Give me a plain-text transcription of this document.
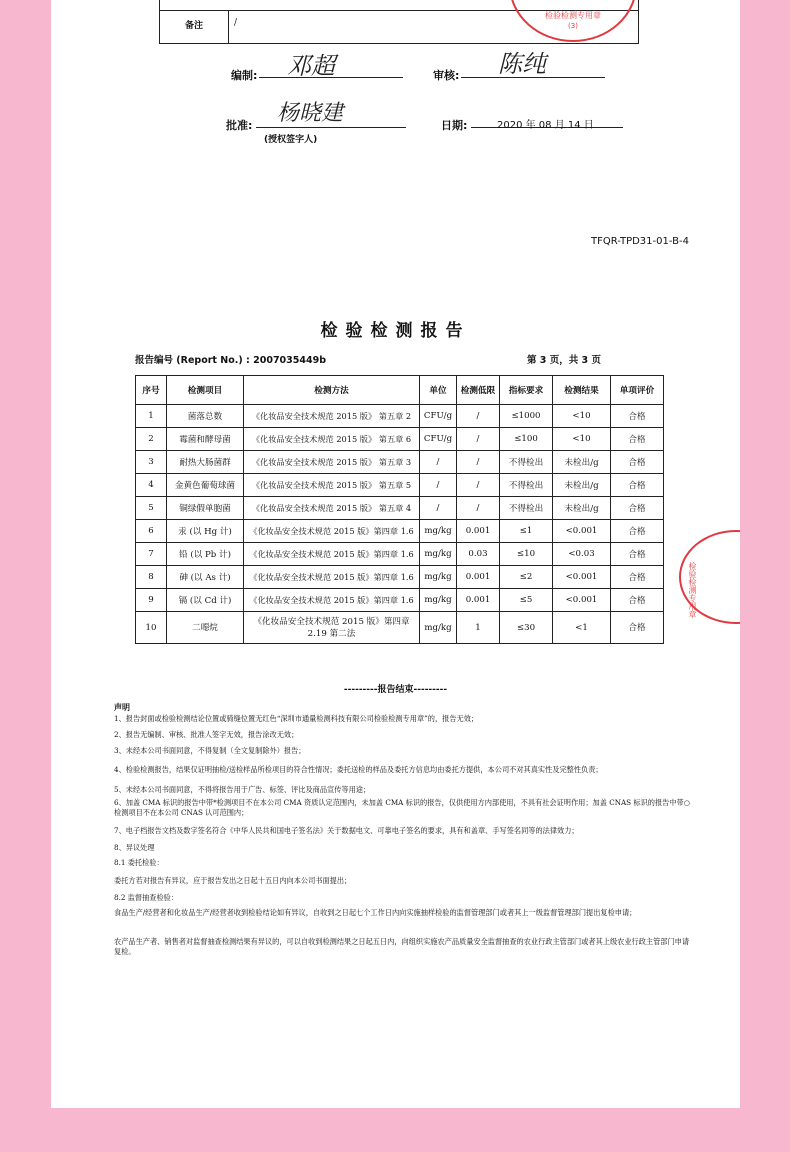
备注	/
检验检测专用章
(3)
编制: 邓超	审核: 陈纯
批准: 杨晓建
(授权签字人)
日期:	2020 年 08 月 14 日
TFQR-TPD31-01-B-4
检验检测报告
报告编号 (Report No.) : 2007035449b	第 3 页，共 3 页
序号	检测项目	检测方法	单位	检测低限	指标要求	检测结果	单项评价
1	菌落总数	《化妆品安全技术规范 2015 版》 第五章 2	CFU/g	/	≤1000	<10	合格
2	霉菌和酵母菌	《化妆品安全技术规范 2015 版》 第五章 6	CFU/g	/	≤100	<10	合格
3	耐热大肠菌群	《化妆品安全技术规范 2015 版》 第五章 3	/	/	不得检出	未检出/g	合格
4	金黄色葡萄球菌	《化妆品安全技术规范 2015 版》 第五章 5	/	/	不得检出	未检出/g	合格
5	铜绿假单胞菌	《化妆品安全技术规范 2015 版》 第五章 4	/	/	不得检出	未检出/g	合格
6	汞 (以 Hg 计)	《化妆品安全技术规范 2015 版》第四章 1.6	mg/kg	0.001	≤1	<0.001	合格
7	铅 (以 Pb 计)	《化妆品安全技术规范 2015 版》第四章 1.6	mg/kg	0.03	≤10	<0.03	合格
8	砷 (以 As 计)	《化妆品安全技术规范 2015 版》第四章 1.6	mg/kg	0.001	≤2	<0.001	合格
9	镉 (以 Cd 计)	《化妆品安全技术规范 2015 版》第四章 1.6	mg/kg	0.001	≤5	<0.001	合格
10	二噁烷	《化妆品安全技术规范 2015 版》第四章 2.19 第二法	mg/kg	1	≤30	<1	合格
检验检测专用章
---------报告结束---------
声明
1、报告封面或检验检测结论位置或骑缝位置无红色“深圳市通量检测科技有限公司检验检测专用章”的，报告无效；
2、报告无编制、审核、批准人签字无效，报告涂改无效；
3、未经本公司书面同意，不得复制（全文复制除外）报告；
4、检验检测报告，结果仅证明抽检/送检样品所检项目的符合性情况；委托送检的样品及委托方信息均由委托方提供，本公司不对其真实性及完整性负责；
5、未经本公司书面同意，不得将报告用于广告、标签、评比及商品宣传等用途；
6、加盖 CMA 标识的报告中带*检测项目不在本公司 CMA 资质认定范围内，未加盖 CMA 标识的报告，仅供使用方内部使用，不具有社会证明作用；加盖 CNAS 标识的报告中带○检测项目不在本公司 CNAS 认可范围内；
7、电子档报告文档及数字签名符合《中华人民共和国电子签名法》关于数据电文、可靠电子签名的要求，具有和盖章、手写签名同等的法律效力；
8、异议处理
8.1 委托检验：
委托方若对报告有异议，应于报告发出之日起十五日内向本公司书面提出；
8.2 监督抽查检验：
食品生产/经营者和化妆品生产/经营者收到检验结论如有异议，自收到之日起七个工作日内向实施抽样检验的监督管理部门或者其上一级监督管理部门提出复检申请；
农产品生产者、销售者对监督抽查检测结果有异议的，可以自收到检测结果之日起五日内，向组织实施农产品质量安全监督抽查的农业行政主管部门或者其上级农业行政主管部门申请复检。
